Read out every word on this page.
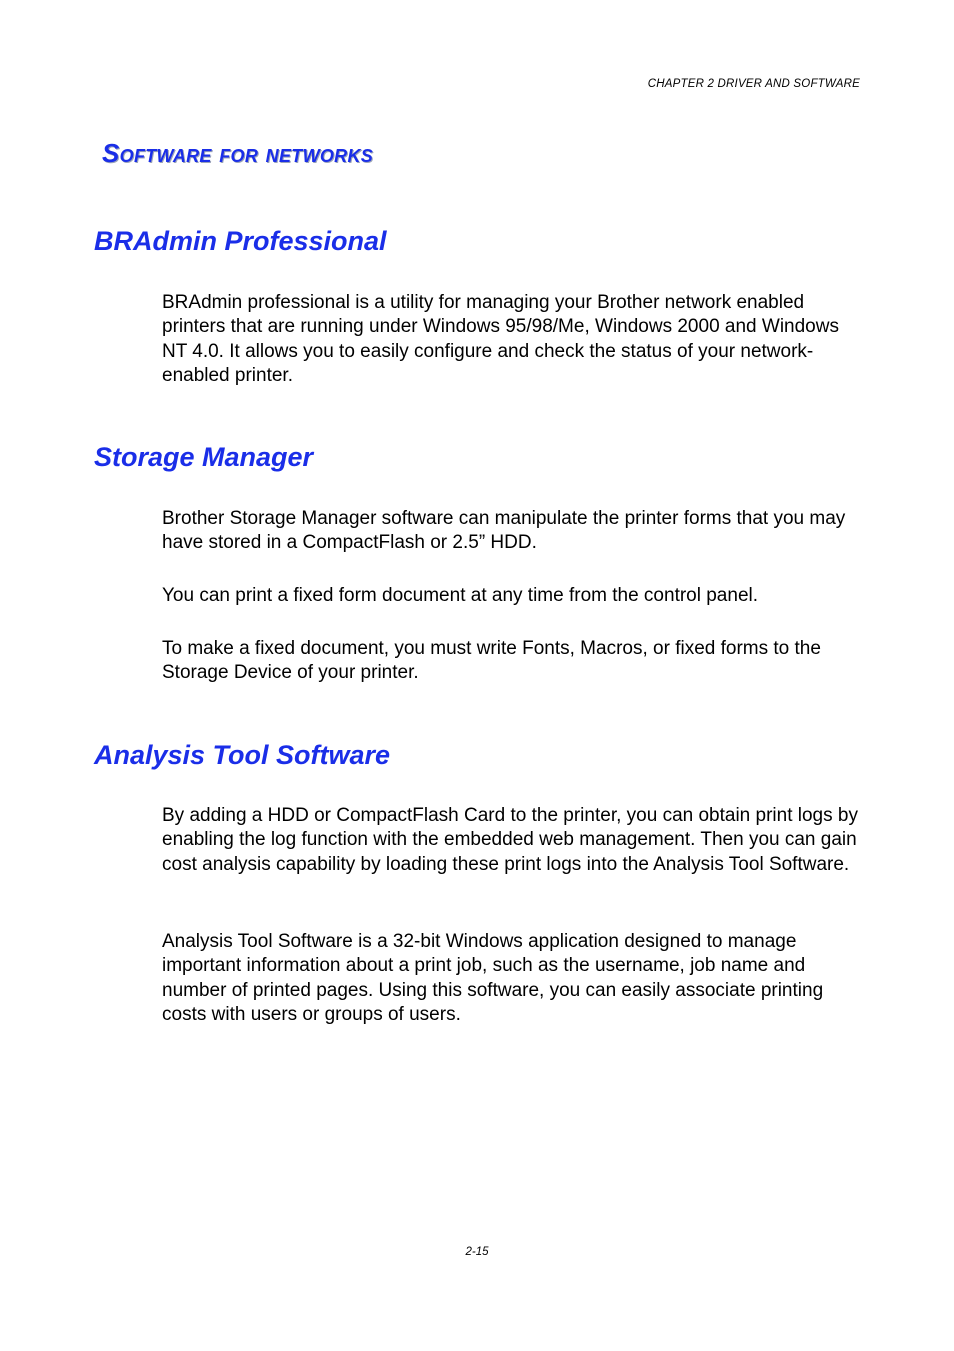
CHAPTER 2 DRIVER AND SOFTWARE
Software for networks
BRAdmin Professional

BRAdmin professional is a utility for managing your Brother network enabled printers that are running under Windows 95/98/Me, Windows 2000 and Windows NT 4.0. It allows you to easily configure and check the status of your network-enabled printer.

Storage Manager

Brother Storage Manager software can manipulate the printer forms that you may have stored in a CompactFlash or 2.5” HDD.

You can print a fixed form document at any time from the control panel.

To make a fixed document, you must write Fonts, Macros, or fixed forms to the Storage Device of your printer.

Analysis Tool Software

By adding a HDD or CompactFlash Card to the printer, you can obtain print logs by enabling the log function with the embedded web management. Then you can gain cost analysis capability by loading these print logs into the Analysis Tool Software.

Analysis Tool Software is a 32-bit Windows application designed to manage important information about a print job, such as the username, job name and number of printed pages. Using this software, you can easily associate printing costs with users or groups of users.

2-15
